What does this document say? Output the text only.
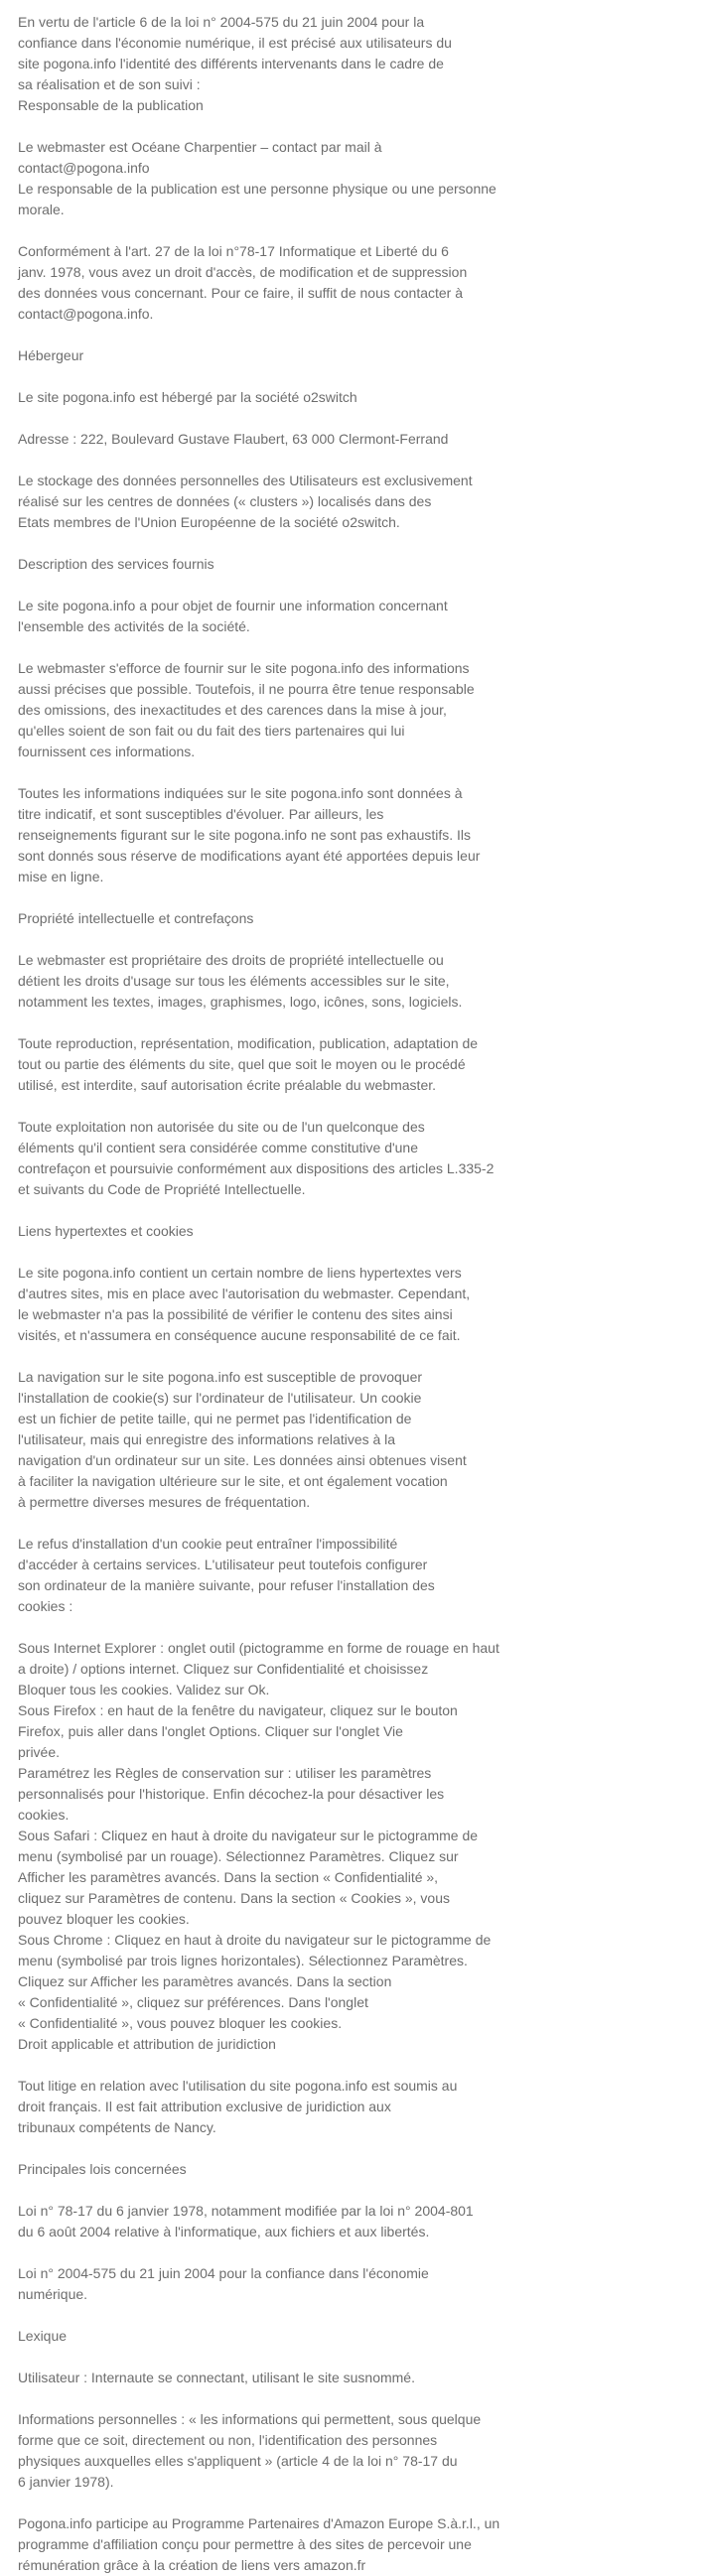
En vertu de l'article 6 de la loi n° 2004-575 du 21 juin 2004 pour la
confiance dans l'économie numérique, il est précisé aux utilisateurs du
site pogona.info l'identité des différents intervenants dans le cadre de
sa réalisation et de son suivi :
Responsable de la publication
Le webmaster est Océane Charpentier – contact par mail à
contact@pogona.info
Le responsable de la publication est une personne physique ou une personne
morale.
Conformément à l'art. 27 de la loi n°78-17 Informatique et Liberté du 6
janv. 1978, vous avez un droit d'accès, de modification et de suppression
des données vous concernant. Pour ce faire, il suffit de nous contacter à
contact@pogona.info.
Hébergeur
Le site pogona.info est hébergé par la société o2switch
Adresse : 222, Boulevard Gustave Flaubert, 63 000 Clermont-Ferrand
Le stockage des données personnelles des Utilisateurs est exclusivement
réalisé sur les centres de données (« clusters ») localisés dans des
Etats membres de l'Union Européenne de la société o2switch.
Description des services fournis
Le site pogona.info a pour objet de fournir une information concernant
l'ensemble des activités de la société.
Le webmaster s'efforce de fournir sur le site pogona.info des informations
aussi précises que possible. Toutefois, il ne pourra être tenue responsable
des omissions, des inexactitudes et des carences dans la mise à jour,
qu'elles soient de son fait ou du fait des tiers partenaires qui lui
fournissent ces informations.
Toutes les informations indiquées sur le site pogona.info sont données à
titre indicatif, et sont susceptibles d'évoluer. Par ailleurs, les
renseignements figurant sur le site pogona.info ne sont pas exhaustifs. Ils
sont donnés sous réserve de modifications ayant été apportées depuis leur
mise en ligne.
Propriété intellectuelle et contrefaçons
Le webmaster est propriétaire des droits de propriété intellectuelle ou
détient les droits d'usage sur tous les éléments accessibles sur le site,
notamment les textes, images, graphismes, logo, icônes, sons, logiciels.
Toute reproduction, représentation, modification, publication, adaptation de
tout ou partie des éléments du site, quel que soit le moyen ou le procédé
utilisé, est interdite, sauf autorisation écrite préalable du webmaster.
Toute exploitation non autorisée du site ou de l'un quelconque des
éléments qu'il contient sera considérée comme constitutive d'une
contrefaçon et poursuivie conformément aux dispositions des articles L.335-2
et suivants du Code de Propriété Intellectuelle.
Liens hypertextes et cookies
Le site pogona.info contient un certain nombre de liens hypertextes vers
d'autres sites, mis en place avec l'autorisation du webmaster. Cependant,
le webmaster n'a pas la possibilité de vérifier le contenu des sites ainsi
visités, et n'assumera en conséquence aucune responsabilité de ce fait.
La navigation sur le site pogona.info est susceptible de provoquer
l'installation de cookie(s) sur l'ordinateur de l'utilisateur. Un cookie
est un fichier de petite taille, qui ne permet pas l'identification de
l'utilisateur, mais qui enregistre des informations relatives à la
navigation d'un ordinateur sur un site. Les données ainsi obtenues visent
à faciliter la navigation ultérieure sur le site, et ont également vocation
à permettre diverses mesures de fréquentation.
Le refus d'installation d'un cookie peut entraîner l'impossibilité
d'accéder à certains services. L'utilisateur peut toutefois configurer
son ordinateur de la manière suivante, pour refuser l'installation des
cookies :
Sous Internet Explorer : onglet outil (pictogramme en forme de rouage en haut
a droite) / options internet. Cliquez sur Confidentialité et choisissez
Bloquer tous les cookies. Validez sur Ok.
Sous Firefox : en haut de la fenêtre du navigateur, cliquez sur le bouton
Firefox, puis aller dans l'onglet Options. Cliquer sur l'onglet Vie
privée.
Paramétrez les Règles de conservation sur : utiliser les paramètres
personnalisés pour l'historique. Enfin décochez-la pour désactiver les
cookies.
Sous Safari : Cliquez en haut à droite du navigateur sur le pictogramme de
menu (symbolisé par un rouage). Sélectionnez Paramètres. Cliquez sur
Afficher les paramètres avancés. Dans la section « Confidentialité »,
cliquez sur Paramètres de contenu. Dans la section « Cookies », vous
pouvez bloquer les cookies.
Sous Chrome : Cliquez en haut à droite du navigateur sur le pictogramme de
menu (symbolisé par trois lignes horizontales). Sélectionnez Paramètres.
Cliquez sur Afficher les paramètres avancés. Dans la section
« Confidentialité », cliquez sur préférences. Dans l'onglet
« Confidentialité », vous pouvez bloquer les cookies.
Droit applicable et attribution de juridiction
Tout litige en relation avec l'utilisation du site pogona.info est soumis au
droit français. Il est fait attribution exclusive de juridiction aux
tribunaux compétents de Nancy.
Principales lois concernées
Loi n° 78-17 du 6 janvier 1978, notamment modifiée par la loi n° 2004-801
du 6 août 2004 relative à l'informatique, aux fichiers et aux libertés.
Loi n° 2004-575 du 21 juin 2004 pour la confiance dans l'économie
numérique.
Lexique
Utilisateur : Internaute se connectant, utilisant le site susnommé.
Informations personnelles : « les informations qui permettent, sous quelque
forme que ce soit, directement ou non, l'identification des personnes
physiques auxquelles elles s'appliquent » (article 4 de la loi n° 78-17 du
6 janvier 1978).
Pogona.info participe au Programme Partenaires d'Amazon Europe S.à.r.l., un
programme d'affiliation conçu pour permettre à des sites de percevoir une
rémunération grâce à la création de liens vers amazon.fr
